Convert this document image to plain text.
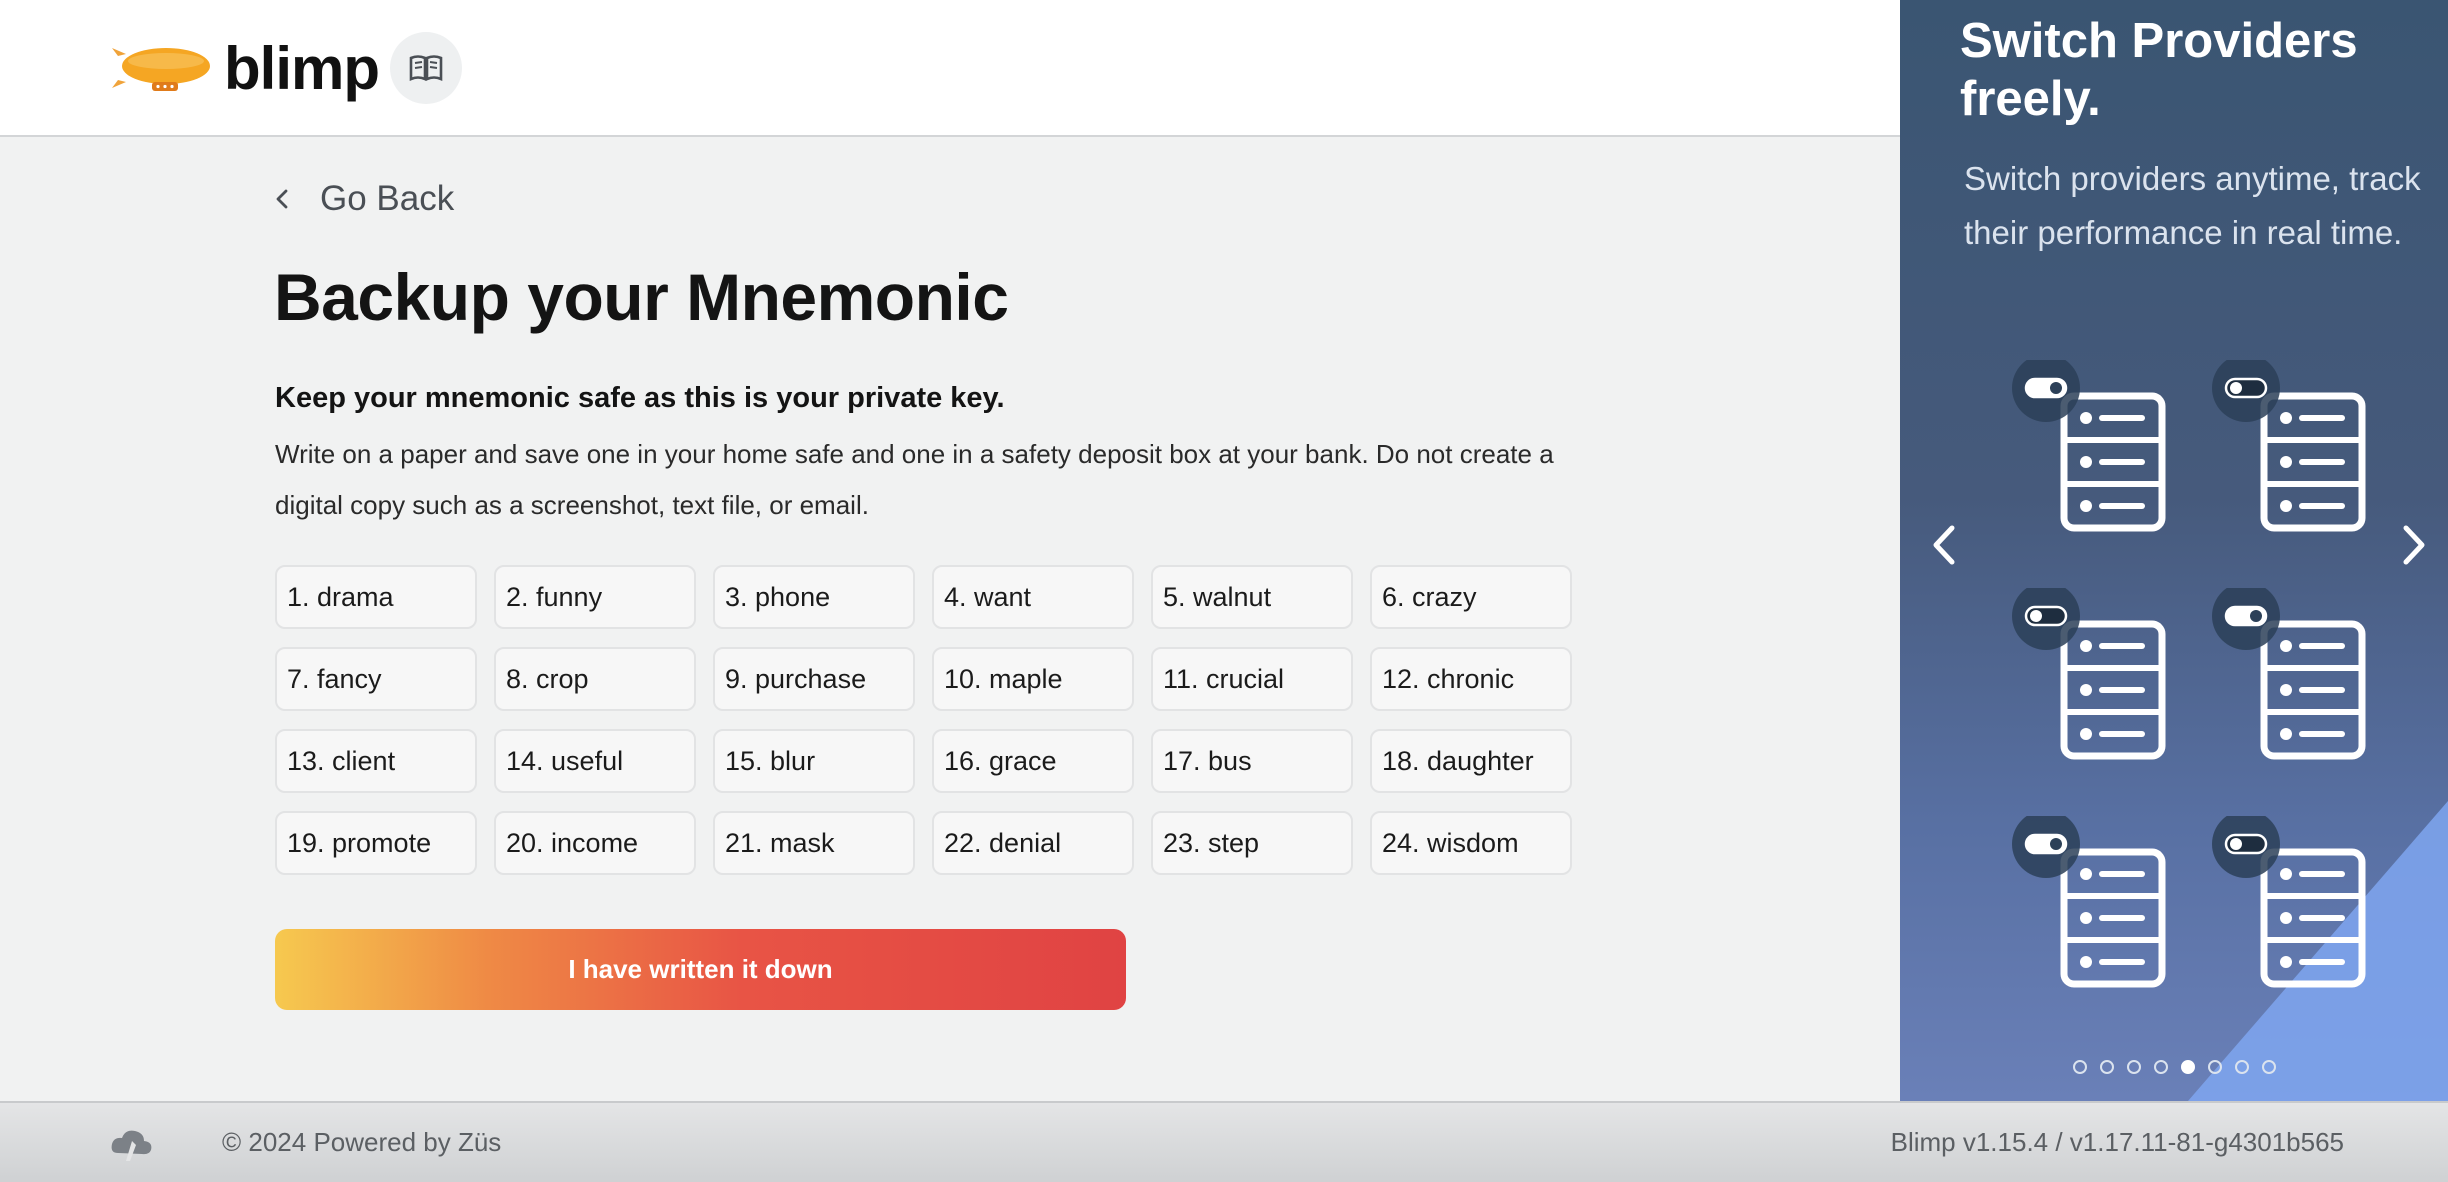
blimp
Go Back
Backup your Mnemonic
Keep your mnemonic safe as this is your private key.

Write on a paper and save one in your home safe and one in a safety deposit box at your bank. Do not create a digital copy such as a screenshot, text file, or email.

1. drama	2. funny	3. phone	4. want	5. walnut	6. crazy
7. fancy	8. crop	9. purchase	10. maple	11. crucial	12. chronic
13. client	14. useful	15. blur	16. grace	17. bus	18. daughter
19. promote	20. income	21. mask	22. denial	23. step	24. wisdom
I have written it down
Switch Providers freely.
Switch providers anytime, track their performance in real time.
© 2024 Powered by Züs	Blimp v1.15.4 / v1.17.11-81-g4301b565
